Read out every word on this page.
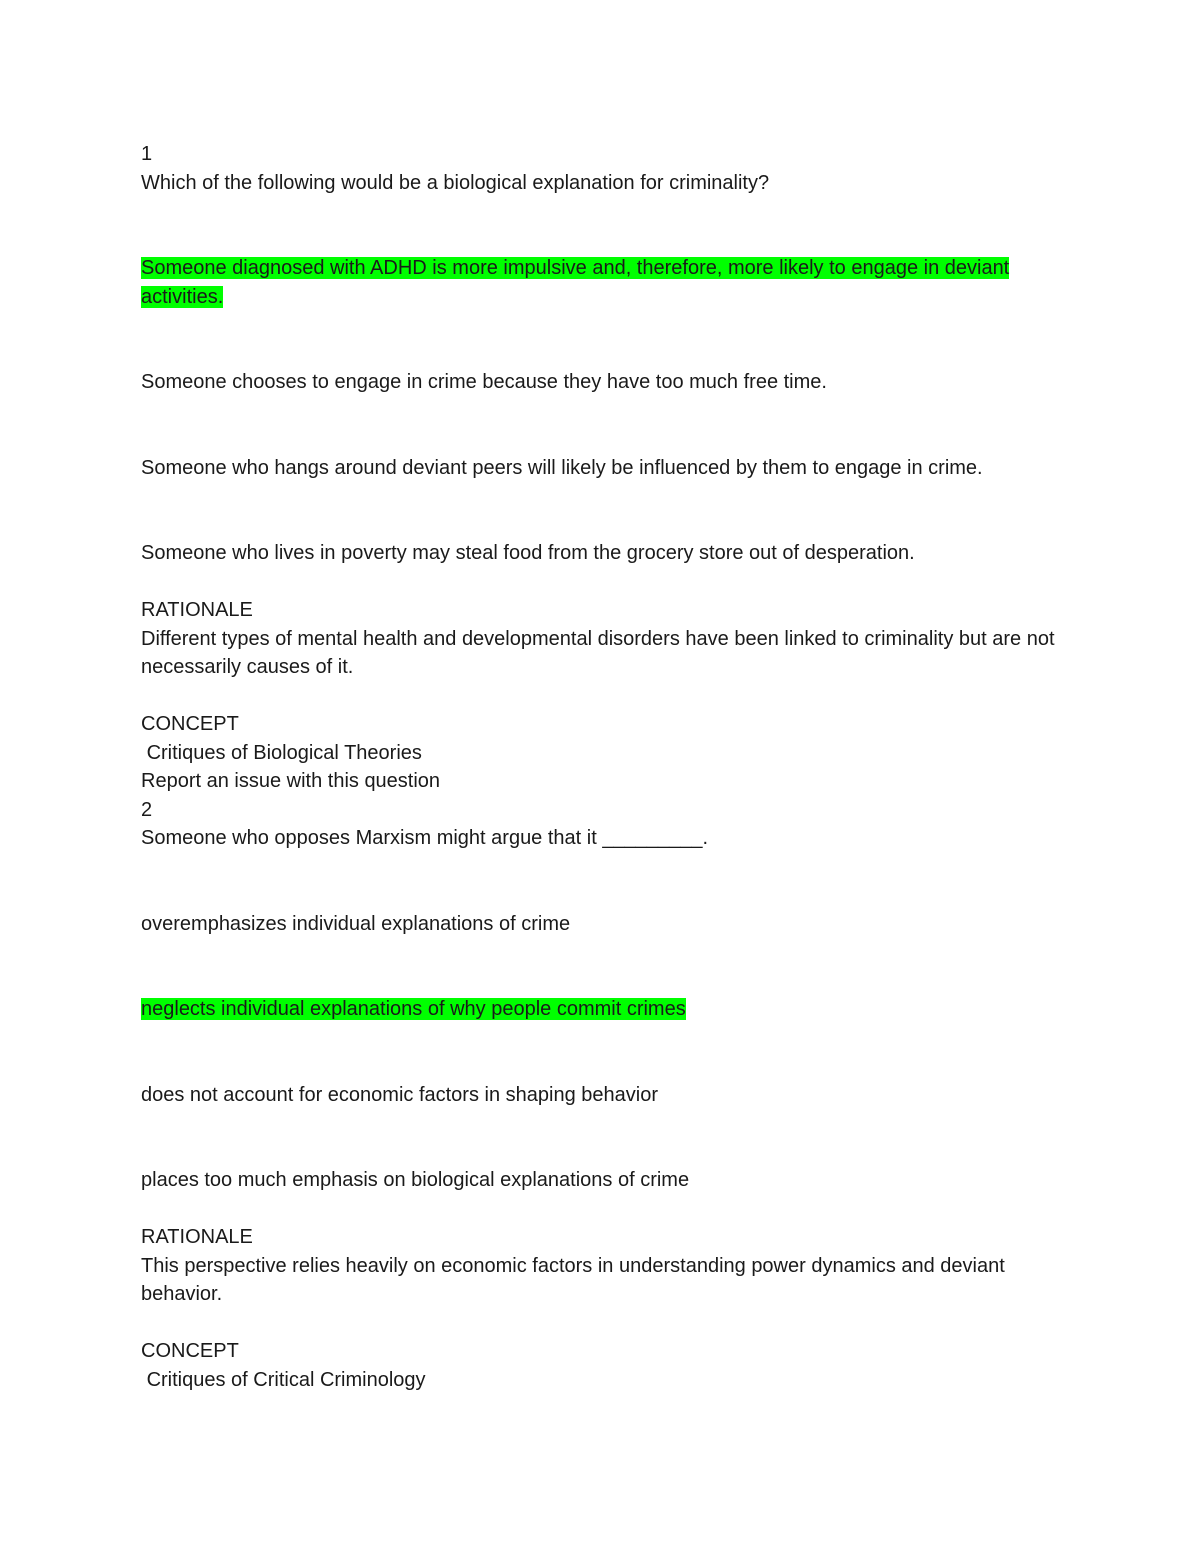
1

Which of the following would be a biological explanation for criminality?

Someone diagnosed with ADHD is more impulsive and, therefore, more likely to engage in deviant activities.

Someone chooses to engage in crime because they have too much free time.

Someone who hangs around deviant peers will likely be influenced by them to engage in crime.

Someone who lives in poverty may steal food from the grocery store out of desperation.

RATIONALE

Different types of mental health and developmental disorders have been linked to criminality but are not necessarily causes of it.

CONCEPT

Critiques of Biological Theories

Report an issue with this question

2

Someone who opposes Marxism might argue that it _________.

overemphasizes individual explanations of crime

neglects individual explanations of why people commit crimes

does not account for economic factors in shaping behavior

places too much emphasis on biological explanations of crime

RATIONALE

This perspective relies heavily on economic factors in understanding power dynamics and deviant behavior.

CONCEPT

Critiques of Critical Criminology
